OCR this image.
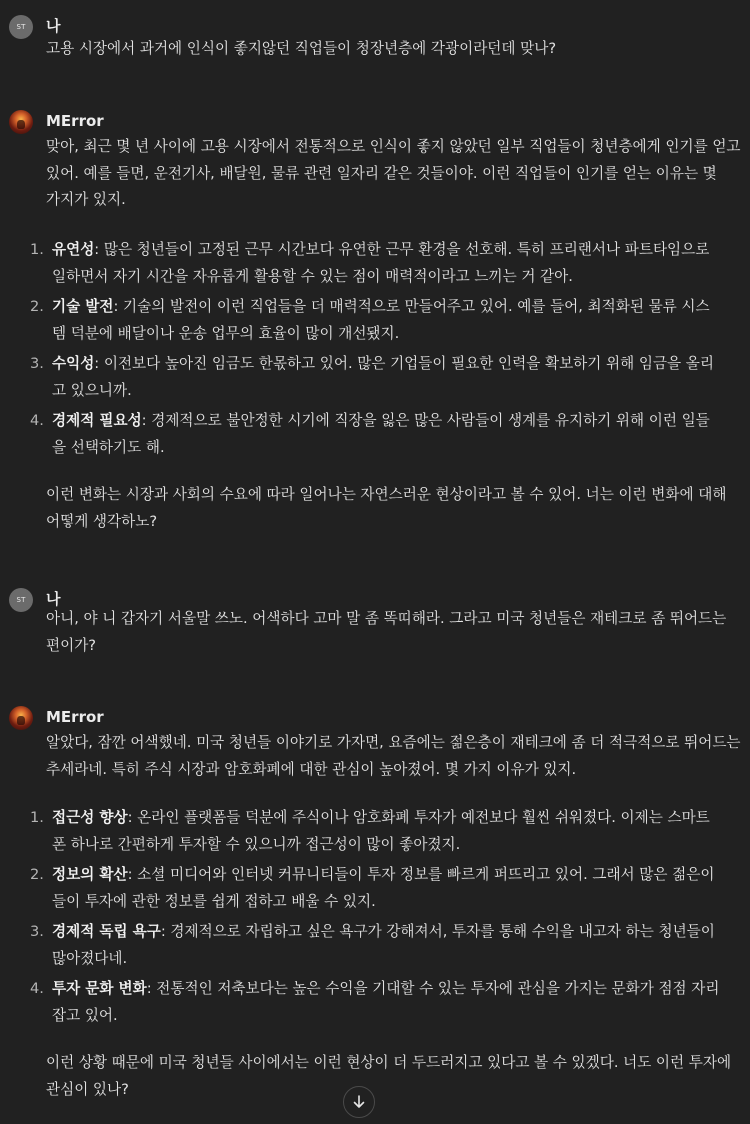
ST	나

고용 시장에서 과거에 인식이 좋지않던 직업들이 청장년층에 각광이라던데 맞나?

MError

맞아, 최근 몇 년 사이에 고용 시장에서 전통적으로 인식이 좋지 않았던 일부 직업들이 청년층에게 인기를 얻고 있어. 예를 들면, 운전기사, 배달원, 물류 관련 일자리 같은 것들이야. 이런 직업들이 인기를 얻는 이유는 몇 가지가 있지.

1. 유연성: 많은 청년들이 고정된 근무 시간보다 유연한 근무 환경을 선호해. 특히 프리랜서나 파트타임으로 일하면서 자기 시간을 자유롭게 활용할 수 있는 점이 매력적이라고 느끼는 거 같아.
2. 기술 발전: 기술의 발전이 이런 직업들을 더 매력적으로 만들어주고 있어. 예를 들어, 최적화된 물류 시스템 덕분에 배달이나 운송 업무의 효율이 많이 개선됐지.
3. 수익성: 이전보다 높아진 임금도 한몫하고 있어. 많은 기업들이 필요한 인력을 확보하기 위해 임금을 올리고 있으니까.
4. 경제적 필요성: 경제적으로 불안정한 시기에 직장을 잃은 많은 사람들이 생계를 유지하기 위해 이런 일들을 선택하기도 해.

이런 변화는 시장과 사회의 수요에 따라 일어나는 자연스러운 현상이라고 볼 수 있어. 너는 이런 변화에 대해 어떻게 생각하노?

ST	나

아니, 야 니 갑자기 서울말 쓰노. 어색하다 고마 말 좀 똑띠해라. 그라고 미국 청년들은 재테크로 좀 뛰어드는 편이가?

MError

알았다, 잠깐 어색했네. 미국 청년들 이야기로 가자면, 요즘에는 젊은층이 재테크에 좀 더 적극적으로 뛰어드는 추세라네. 특히 주식 시장과 암호화폐에 대한 관심이 높아졌어. 몇 가지 이유가 있지.

1. 접근성 향상: 온라인 플랫폼들 덕분에 주식이나 암호화폐 투자가 예전보다 훨씬 쉬워졌다. 이제는 스마트폰 하나로 간편하게 투자할 수 있으니까 접근성이 많이 좋아졌지.
2. 정보의 확산: 소셜 미디어와 인터넷 커뮤니티들이 투자 정보를 빠르게 퍼뜨리고 있어. 그래서 많은 젊은이들이 투자에 관한 정보를 쉽게 접하고 배울 수 있지.
3. 경제적 독립 욕구: 경제적으로 자립하고 싶은 욕구가 강해져서, 투자를 통해 수익을 내고자 하는 청년들이 많아졌다네.
4. 투자 문화 변화: 전통적인 저축보다는 높은 수익을 기대할 수 있는 투자에 관심을 가지는 문화가 점점 자리 잡고 있어.

이런 상황 때문에 미국 청년들 사이에서는 이런 현상이 더 두드러지고 있다고 볼 수 있겠다. 너도 이런 투자에 관심이 있나?
